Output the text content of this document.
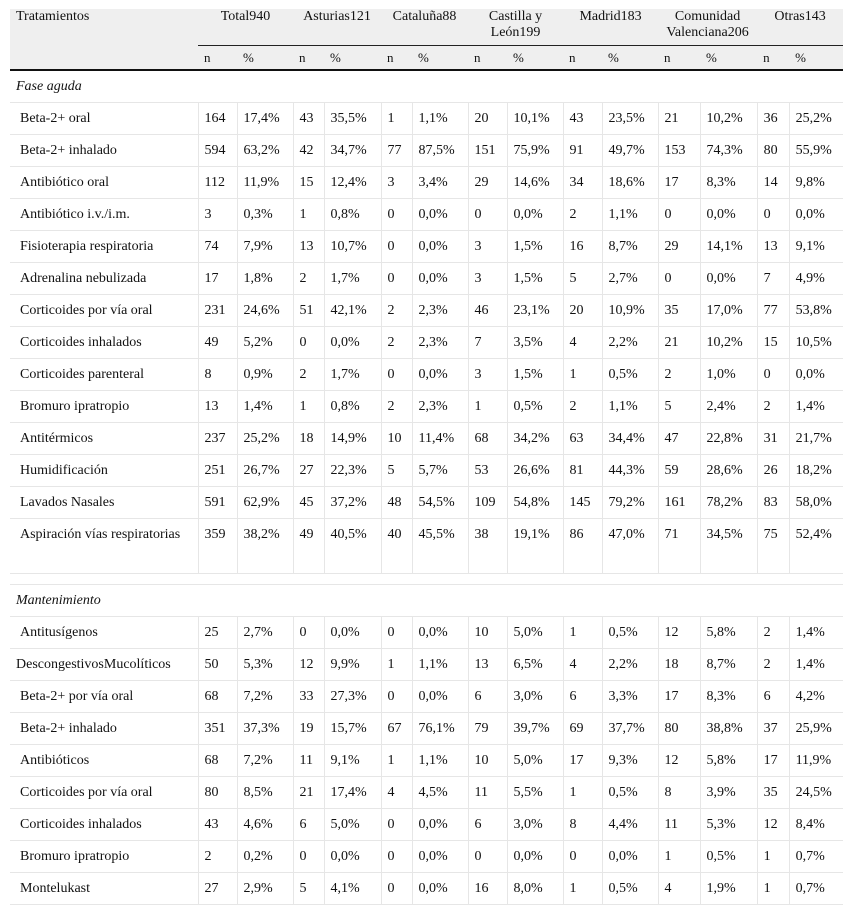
Tratamientos	Total940		Asturias121		Cataluña88		Castilla y
León199		Madrid183		Comunidad
Valenciana206		Otras143	

	n	%	n	%	n	%	n	%	n	%	n	%	n	%
Fase aguda														
Beta-2+ oral	164	17,4%	43	35,5%	1	1,1%	20	10,1%	43	23,5%	21	10,2%	36	25,2%
Beta-2+ inhalado	594	63,2%	42	34,7%	77	87,5%	151	75,9%	91	49,7%	153	74,3%	80	55,9%
Antibiótico oral	112	11,9%	15	12,4%	3	3,4%	29	14,6%	34	18,6%	17	8,3%	14	9,8%
Antibiótico i.v./i.m.	3	0,3%	1	0,8%	0	0,0%	0	0,0%	2	1,1%	0	0,0%	0	0,0%
Fisioterapia respiratoria	74	7,9%	13	10,7%	0	0,0%	3	1,5%	16	8,7%	29	14,1%	13	9,1%
Adrenalina nebulizada	17	1,8%	2	1,7%	0	0,0%	3	1,5%	5	2,7%	0	0,0%	7	4,9%
Corticoides por vía oral	231	24,6%	51	42,1%	2	2,3%	46	23,1%	20	10,9%	35	17,0%	77	53,8%
Corticoides inhalados	49	5,2%	0	0,0%	2	2,3%	7	3,5%	4	2,2%	21	10,2%	15	10,5%
Corticoides parenteral	8	0,9%	2	1,7%	0	0,0%	3	1,5%	1	0,5%	2	1,0%	0	0,0%
Bromuro ipratropio	13	1,4%	1	0,8%	2	2,3%	1	0,5%	2	1,1%	5	2,4%	2	1,4%
Antitérmicos	237	25,2%	18	14,9%	10	11,4%	68	34,2%	63	34,4%	47	22,8%	31	21,7%
Humidificación	251	26,7%	27	22,3%	5	5,7%	53	26,6%	81	44,3%	59	28,6%	26	18,2%
Lavados Nasales	591	62,9%	45	37,2%	48	54,5%	109	54,8%	145	79,2%	161	78,2%	83	58,0%
Aspiración vías respiratorias	359	38,2%	49	40,5%	40	45,5%	38	19,1%	86	47,0%	71	34,5%	75	52,4%

Mantenimiento														
Antitusígenos	25	2,7%	0	0,0%	0	0,0%	10	5,0%	1	0,5%	12	5,8%	2	1,4%
DescongestivosMucolíticos	50	5,3%	12	9,9%	1	1,1%	13	6,5%	4	2,2%	18	8,7%	2	1,4%
Beta-2+ por vía oral	68	7,2%	33	27,3%	0	0,0%	6	3,0%	6	3,3%	17	8,3%	6	4,2%
Beta-2+ inhalado	351	37,3%	19	15,7%	67	76,1%	79	39,7%	69	37,7%	80	38,8%	37	25,9%
Antibióticos	68	7,2%	11	9,1%	1	1,1%	10	5,0%	17	9,3%	12	5,8%	17	11,9%
Corticoides por vía oral	80	8,5%	21	17,4%	4	4,5%	11	5,5%	1	0,5%	8	3,9%	35	24,5%
Corticoides inhalados	43	4,6%	6	5,0%	0	0,0%	6	3,0%	8	4,4%	11	5,3%	12	8,4%
Bromuro ipratropio	2	0,2%	0	0,0%	0	0,0%	0	0,0%	0	0,0%	1	0,5%	1	0,7%
Montelukast	27	2,9%	5	4,1%	0	0,0%	16	8,0%	1	0,5%	4	1,9%	1	0,7%
